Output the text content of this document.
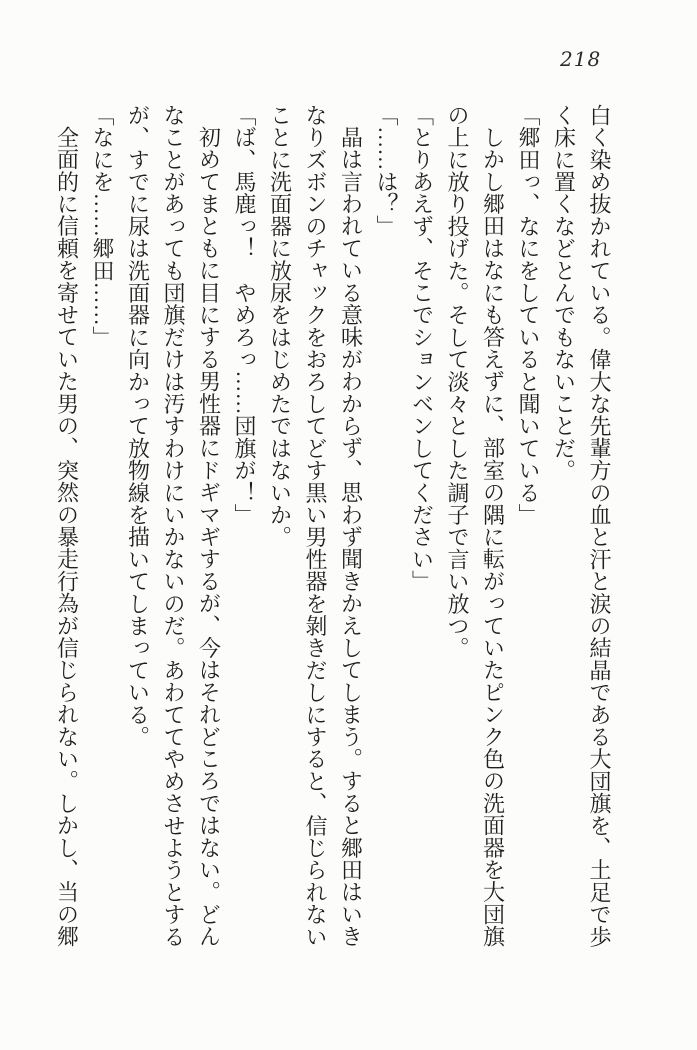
218

白く染め抜かれている。偉大な先輩方の血と汗と涙の結晶である大団旗を、土足で歩く床に置くなどとんでもないことだ。

「郷田っ、なにをしていると聞いている」

しかし郷田はなにも答えずに、部室の隅に転がっていたピンク色の洗面器を大団旗の上に放り投げた。そして淡々とした調子で言い放つ。

「とりあえず、そこでションベンしてください」

「……は？」

晶は言われている意味がわからず、思わず聞きかえしてしまう。すると郷田はいきなりズボンのチャックをおろしてどす黒い男性器を剝きだしにすると、信じられないことに洗面器に放尿をはじめたではないか。

「ば、馬鹿っ！　やめろっ……団旗が！」

初めてまともに目にする男性器にドギマギするが、今はそれどころではない。どんなことがあっても団旗だけは汚すわけにいかないのだ。あわててやめさせようとするが、すでに尿は洗面器に向かって放物線を描いてしまっている。

「なにを……郷田……」

全面的に信頼を寄せていた男の、突然の暴走行為が信じられない。しかし、当の郷
